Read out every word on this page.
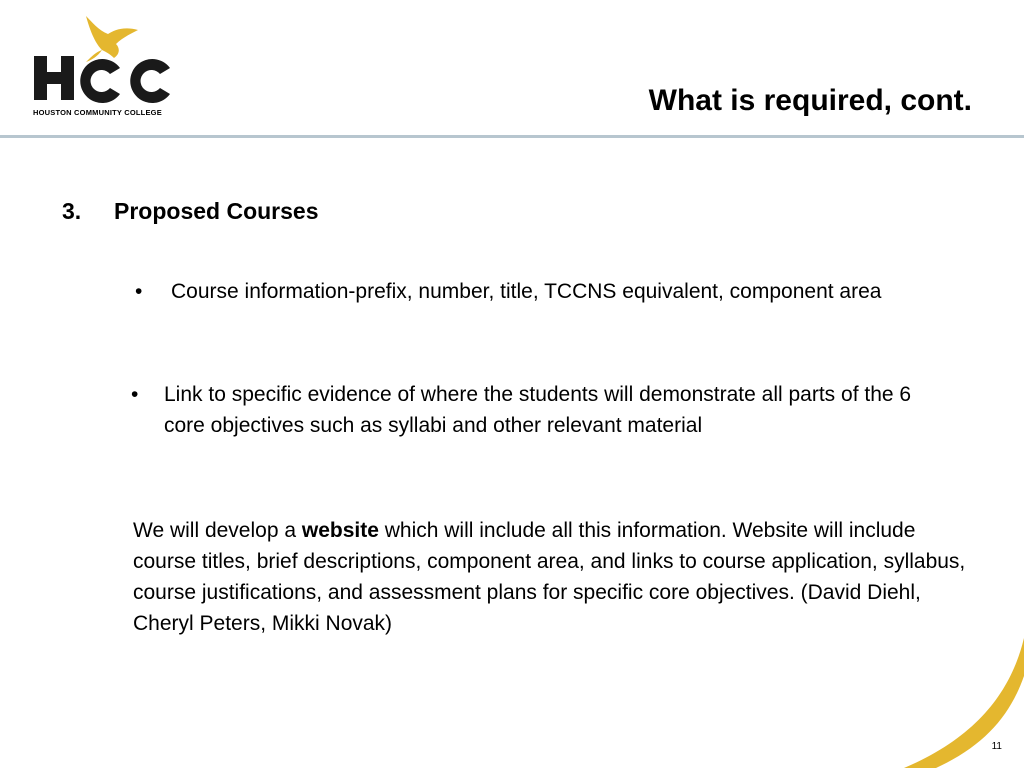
HOUSTON COMMUNITY COLLEGE	What is required, cont.
3. Proposed Courses
• Course information-prefix, number, title, TCCNS equivalent, component area
• Link to specific evidence of where the students will demonstrate all parts of the 6 core objectives such as syllabi and other relevant material
We will develop a website which will include all this information. Website will include course titles, brief descriptions, component area, and links to course application, syllabus, course justifications, and assessment plans for specific core objectives. (David Diehl, Cheryl Peters, Mikki Novak)
11
